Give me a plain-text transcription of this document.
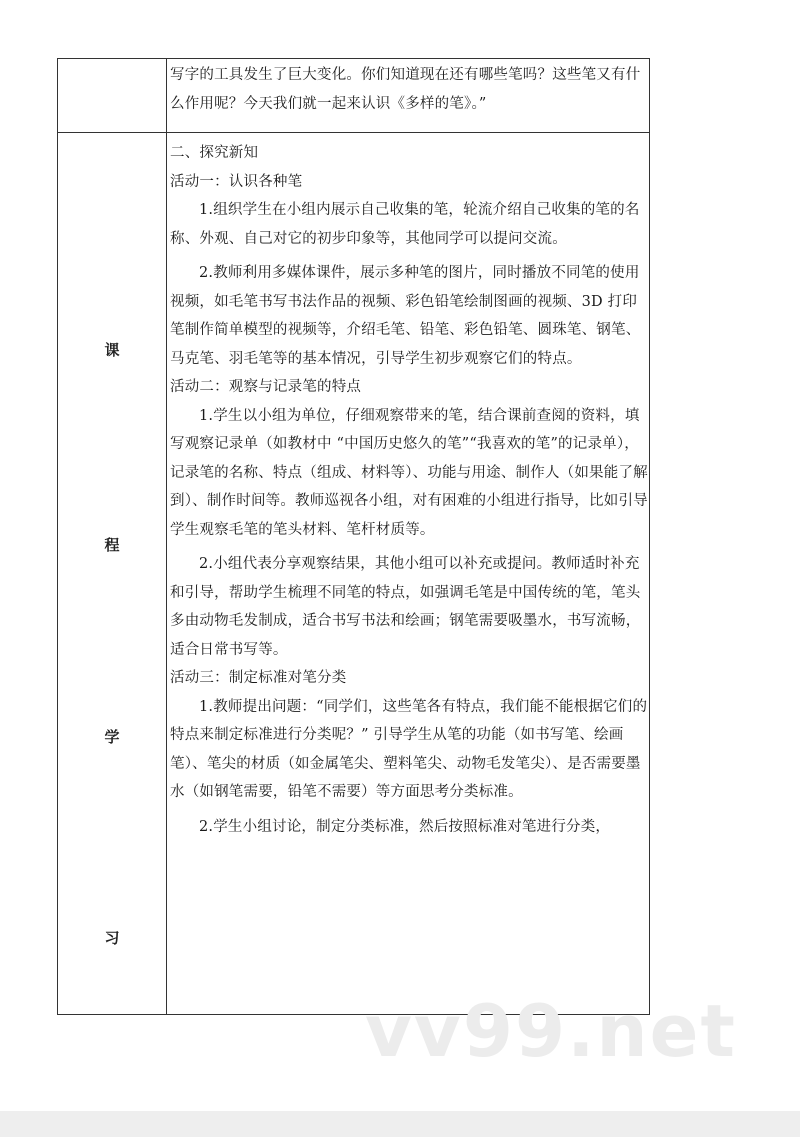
课
程
学
习

写字的工具发生了巨大变化。你们知道现在还有哪些笔吗？这些笔又有什么作用呢？今天我们就一起来认识《多样的笔》。”

二、探究新知

活动一：认识各种笔

1.组织学生在小组内展示自己收集的笔，轮流介绍自己收集的笔的名称、外观、自己对它的初步印象等，其他同学可以提问交流。

2.教师利用多媒体课件，展示多种笔的图片，同时播放不同笔的使用视频，如毛笔书写书法作品的视频、彩色铅笔绘制图画的视频、3D 打印笔制作简单模型的视频等，介绍毛笔、铅笔、彩色铅笔、圆珠笔、钢笔、马克笔、羽毛笔等的基本情况，引导学生初步观察它们的特点。

活动二：观察与记录笔的特点

1.学生以小组为单位，仔细观察带来的笔，结合课前查阅的资料，填写观察记录单（如教材中 “中国历史悠久的笔”“我喜欢的笔”的记录单），记录笔的名称、特点（组成、材料等）、功能与用途、制作人（如果能了解到）、制作时间等。教师巡视各小组，对有困难的小组进行指导，比如引导学生观察毛笔的笔头材料、笔杆材质等。

2.小组代表分享观察结果，其他小组可以补充或提问。教师适时补充和引导，帮助学生梳理不同笔的特点，如强调毛笔是中国传统的笔，笔头多由动物毛发制成，适合书写书法和绘画；钢笔需要吸墨水，书写流畅，适合日常书写等。

活动三：制定标准对笔分类

1.教师提出问题：“同学们，这些笔各有特点，我们能不能根据它们的特点来制定标准进行分类呢？” 引导学生从笔的功能（如书写笔、绘画笔）、笔尖的材质（如金属笔尖、塑料笔尖、动物毛发笔尖）、是否需要墨水（如钢笔需要，铅笔不需要）等方面思考分类标准。

2.学生小组讨论，制定分类标准，然后按照标准对笔进行分类，

vv99.net
